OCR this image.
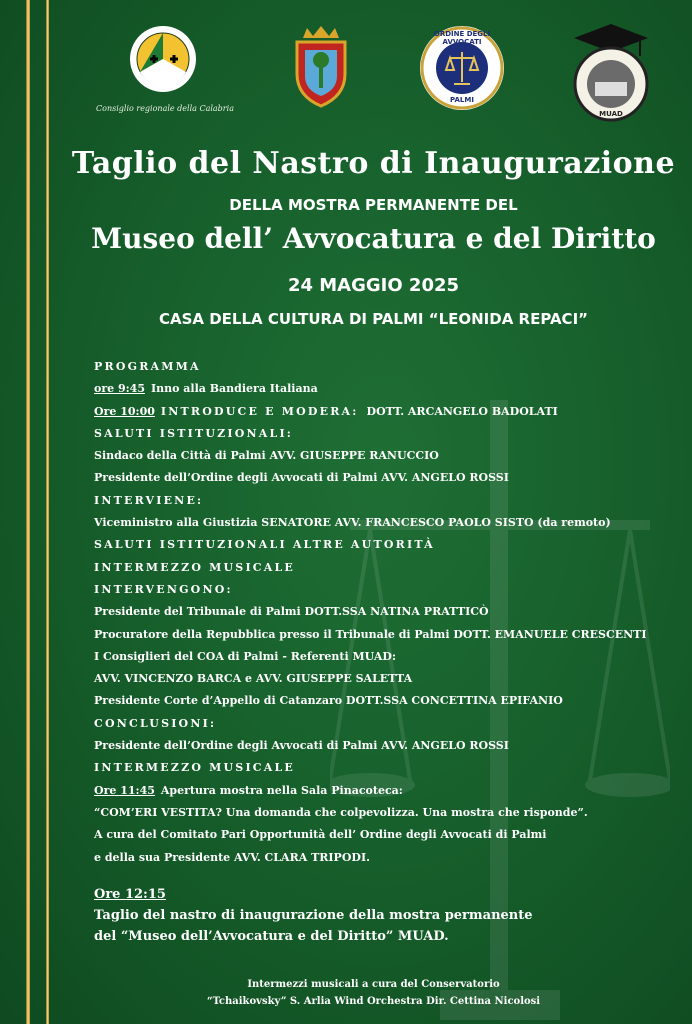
Consiglio regionale della Calabria
ORDINE DEGLI AVVOCATI
PALMI
MUAD
Taglio del Nastro di Inaugurazione
DELLA MOSTRA PERMANENTE DEL
Museo dell’ Avvocatura e del Diritto
24 MAGGIO 2025
CASA DELLA CULTURA DI PALMI “LEONIDA REPACI”
PROGRAMMA
ore 9:45 Inno alla Bandiera Italiana
Ore 10:00 INTRODUCE E MODERA: DOTT. ARCANGELO BADOLATI
SALUTI ISTITUZIONALI:
Sindaco della Città di Palmi AVV. GIUSEPPE RANUCCIO
Presidente dell’Ordine degli Avvocati di Palmi AVV. ANGELO ROSSI
INTERVIENE:
Viceministro alla Giustizia SENATORE AVV. FRANCESCO PAOLO SISTO (da remoto)
SALUTI ISTITUZIONALI ALTRE AUTORITÀ
INTERMEZZO MUSICALE
INTERVENGONO:
Presidente del Tribunale di Palmi DOTT.SSA NATINA PRATTICÒ
Procuratore della Repubblica presso il Tribunale di Palmi DOTT. EMANUELE CRESCENTI
I Consiglieri del COA di Palmi - Referenti MUAD:
AVV. VINCENZO BARCA e AVV. GIUSEPPE SALETTA
Presidente Corte d’Appello di Catanzaro DOTT.SSA CONCETTINA EPIFANIO
CONCLUSIONI:
Presidente dell’Ordine degli Avvocati di Palmi AVV. ANGELO ROSSI
INTERMEZZO MUSICALE
Ore 11:45 Apertura mostra nella Sala Pinacoteca:
“COM’ERI VESTITA? Una domanda che colpevolizza. Una mostra che risponde”.
A cura del Comitato Pari Opportunità dell’ Ordine degli Avvocati di Palmi
e della sua Presidente AVV. CLARA TRIPODI.
Ore 12:15
Taglio del nastro di inaugurazione della mostra permanente
del “Museo dell’Avvocatura e del Diritto” MUAD.
Intermezzi musicali a cura del Conservatorio
“Tchaikovsky” S. Arlia Wind Orchestra Dir. Cettina Nicolosi
